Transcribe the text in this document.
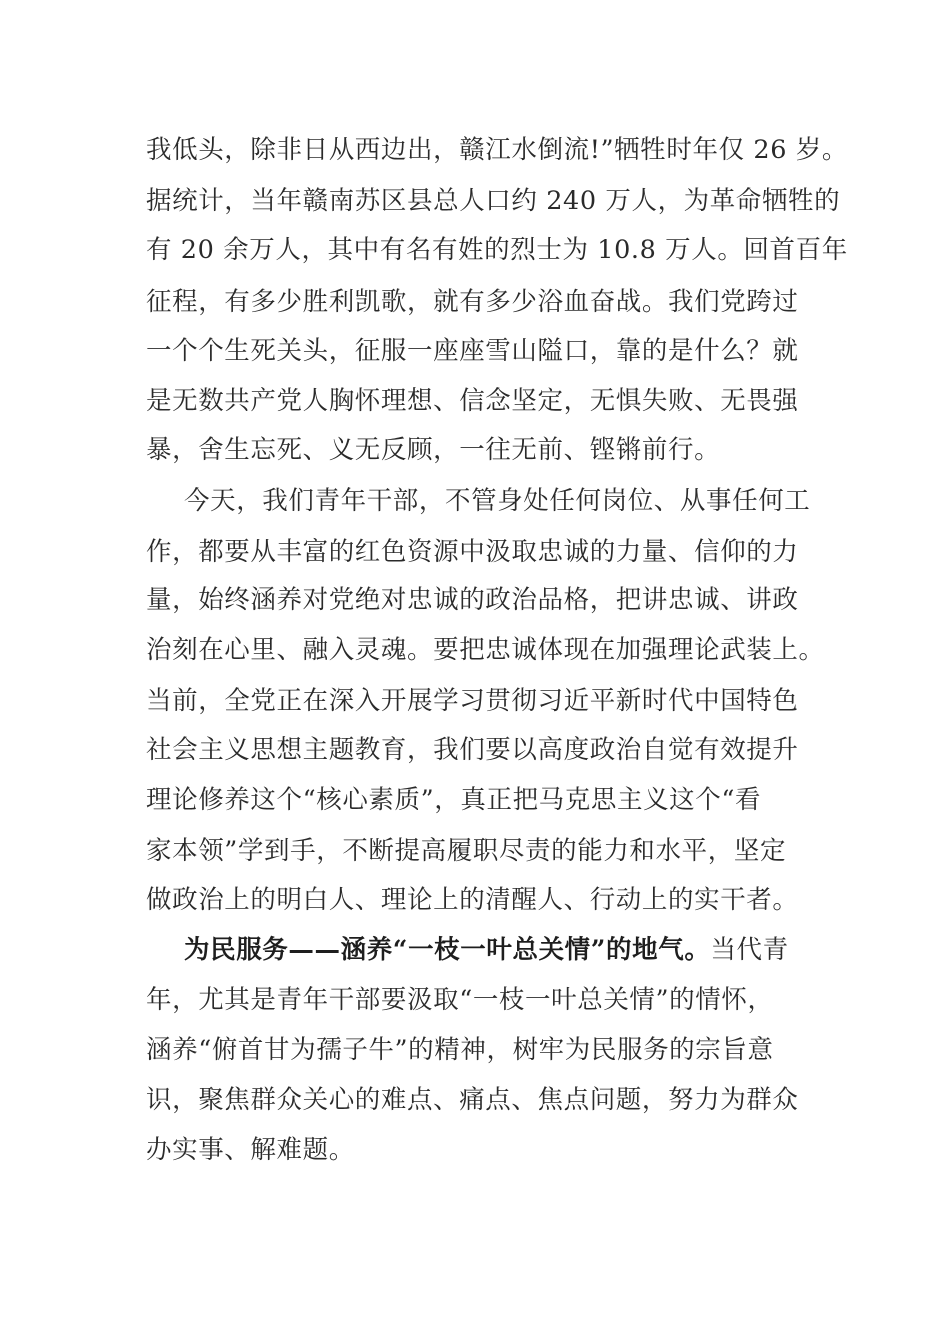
我低头，除非日从西边出，赣江水倒流!”牺牲时年仅 26 岁。
据统计，当年赣南苏区县总人口约 240 万人，为革命牺牲的
有 20 余万人，其中有名有姓的烈士为 10.8 万人。回首百年
征程，有多少胜利凯歌，就有多少浴血奋战。我们党跨过
一个个生死关头，征服一座座雪山隘口，靠的是什么？就
是无数共产党人胸怀理想、信念坚定，无惧失败、无畏强
暴，舍生忘死、义无反顾，一往无前、铿锵前行。
今天，我们青年干部，不管身处任何岗位、从事任何工
作，都要从丰富的红色资源中汲取忠诚的力量、信仰的力
量，始终涵养对党绝对忠诚的政治品格，把讲忠诚、讲政
治刻在心里、融入灵魂。要把忠诚体现在加强理论武装上。
当前，全党正在深入开展学习贯彻习近平新时代中国特色
社会主义思想主题教育，我们要以高度政治自觉有效提升
理论修养这个“核心素质”，真正把马克思主义这个“看
家本领”学到手，不断提高履职尽责的能力和水平，坚定
做政治上的明白人、理论上的清醒人、行动上的实干者。
为民服务——涵养“一枝一叶总关情”的地气。当代青
年，尤其是青年干部要汲取“一枝一叶总关情”的情怀，
涵养“俯首甘为孺子牛”的精神，树牢为民服务的宗旨意
识，聚焦群众关心的难点、痛点、焦点问题，努力为群众
办实事、解难题。
